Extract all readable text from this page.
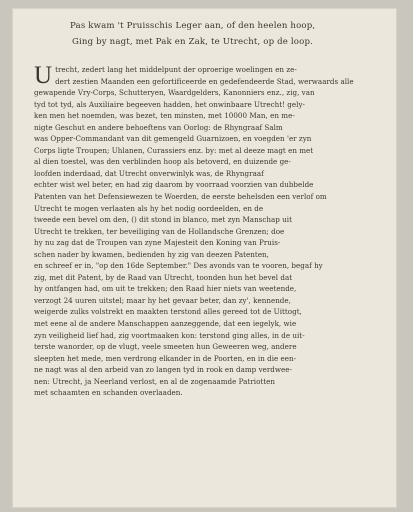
Pas kwam 't Pruisschis Leger aan, of den heelen hoop,
Ging by nagt, met Pak en Zak, te Utrecht, op de loop.
U trecht, zedert lang het middelpunt der oproerige woelingen en ze-
dert zestien Maanden een gefortificeerde en gedefendeerde Stad, werwaards alle
gewapende Vry-Corps, Schutteryen, Waardgelders, Kanonniers enz., zig, van
tyd tot tyd, als Auxiliaire begeeven hadden, het onwinbaare Utrecht! gely-
ken men het noemden, was bezet, ten minsten, met 10000 Man, en me-
nigte Geschut en andere behoeftens van Oorlog: de Rhyngraaf Salm
was Opper-Commandant van dit gemengeld Guarnizoen, en voegden 'er zyn
Corps ligte Troupen; Uhlanen, Curassiers enz. by: met al deeze magt en met
al dien toestel, was den verblinden hoop als betoverd, en duizende ge-
loofden inderdaad, dat Utrecht onverwinlyk was, de Rhyngraaf
echter wist wel beter, en had zig daarom by voorraad voorzien van dubbelde
Patenten van het Defensiewezen te Woerden, de eerste behelsden een verlof om
Utrecht te mogen verlaaten als hy het nodig oordeelden, en de
tweede een bevel om den, () dit stond in blanco, met zyn Manschap uit
Utrecht te trekken, ter beveiliging van de Hollandsche Grenzen; doe
hy nu zag dat de Troupen van zyne Majesteit den Koning van Pruis-
schen nader by kwamen, bedienden hy zig van deezen Patenten,
en schreef er in, "op den 16de September." Des avonds van te vooren, begaf hy
zig, met dit Patent, by de Raad van Utrecht, toonden hun het bevel dat
hy ontfangen had, om uit te trekken; den Raad hier niets van weetende,
verzogt 24 uuren uitstel; maar hy het gevaar beter, dan zy', kennende,
weigerde zulks volstrekt en maakten terstond alles gereed tot de Uittogt,
met eene al de andere Manschappen aanzeggende, dat een iegelyk, wie
zyn veiligheid lief had, zig voortmaaken kon: terstond ging alles, in de uit-
terste wanorder, op de vlugt, veele smeeten hun Geweeren weg, andere
sleepten het mede, men verdrong elkander in de Poorten, en in die een-
ne nagt was al den arbeid van zo langen tyd in rook en damp verdwee-
nen: Utrecht, ja Neerland verlost, en al de zogenaamde Patriotten
met schaamten en schanden overlaaden.
